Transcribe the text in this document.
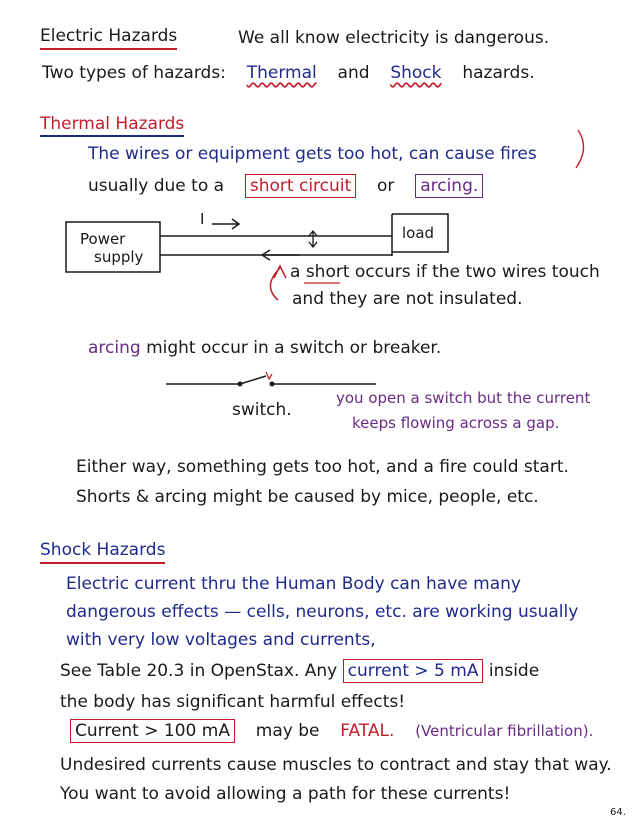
Electric Hazards	We all know electricity is dangerous.
Two types of hazards: Thermal and Shock hazards.
Thermal Hazards
The wires or equipment gets too hot, can cause fires
usually due to a short circuit or arcing.
Power
supply
load
I
a short occurs if the two wires touch
and they are not insulated.
arcing might occur in a switch or breaker.
switch.
you open a switch but the current
keeps flowing across a gap.
Either way, something gets too hot, and a fire could start.
Shorts & arcing might be caused by mice, people, etc.
Shock Hazards
Electric current thru the Human Body can have many
dangerous effects — cells, neurons, etc. are working usually
with very low voltages and currents,
See Table 20.3 in OpenStax. Any current > 5 mA inside
the body has significant harmful effects!
Current > 100 mA may be FATAL. (Ventricular fibrillation).
Undesired currents cause muscles to contract and stay that way.
You want to avoid allowing a path for these currents!
64.
